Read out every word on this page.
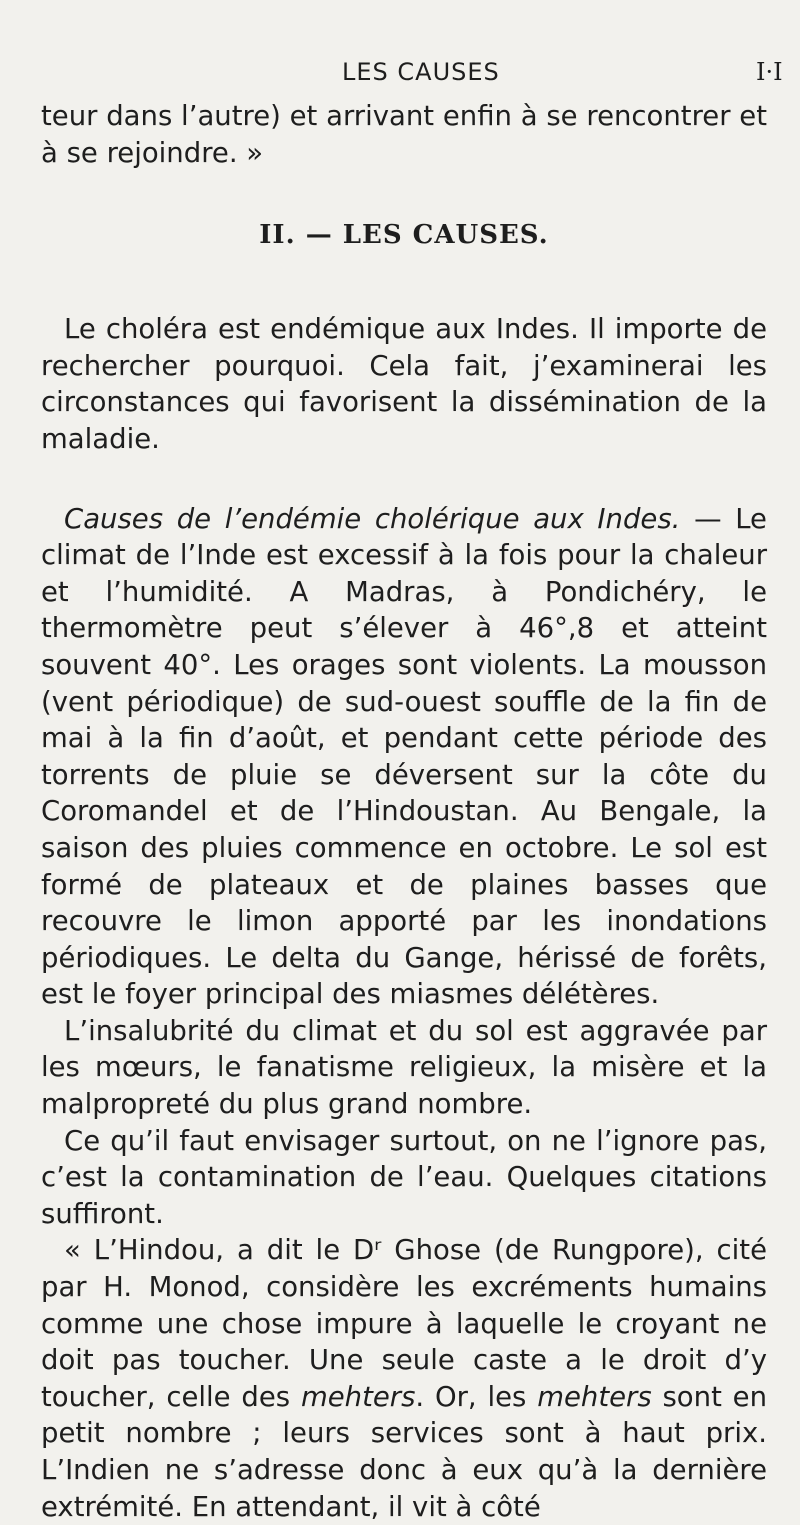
LES CAUSES	I·I

teur dans l’autre) et arrivant enfin à se rencontrer et à se rejoindre. »

II. — LES CAUSES.

Le choléra est endémique aux Indes. Il importe de rechercher pourquoi. Cela fait, j’examinerai les circonstances qui favorisent la dissémination de la maladie.

Causes de l’endémie cholérique aux Indes. — Le climat de l’Inde est excessif à la fois pour la chaleur et l’humidité. A Madras, à Pondichéry, le thermomètre peut s’élever à 46°,8 et atteint souvent 40°. Les orages sont violents. La mousson (vent périodique) de sud-ouest souffle de la fin de mai à la fin d’août, et pendant cette période des torrents de pluie se déversent sur la côte du Coromandel et de l’Hindoustan. Au Bengale, la saison des pluies commence en octobre. Le sol est formé de plateaux et de plaines basses que recouvre le limon apporté par les inondations périodiques. Le delta du Gange, hérissé de forêts, est le foyer principal des miasmes délétères.

L’insalubrité du climat et du sol est aggravée par les mœurs, le fanatisme religieux, la misère et la malpropreté du plus grand nombre.

Ce qu’il faut envisager surtout, on ne l’ignore pas, c’est la contamination de l’eau. Quelques citations suffiront.

« L’Hindou, a dit le Dʳ Ghose (de Rungpore), cité par H. Monod, considère les excréments humains comme une chose impure à laquelle le croyant ne doit pas toucher. Une seule caste a le droit d’y toucher, celle des mehters. Or, les mehters sont en petit nombre ; leurs services sont à haut prix. L’Indien ne s’adresse donc à eux qu’à la dernière extrémité. En attendant, il vit à côté
